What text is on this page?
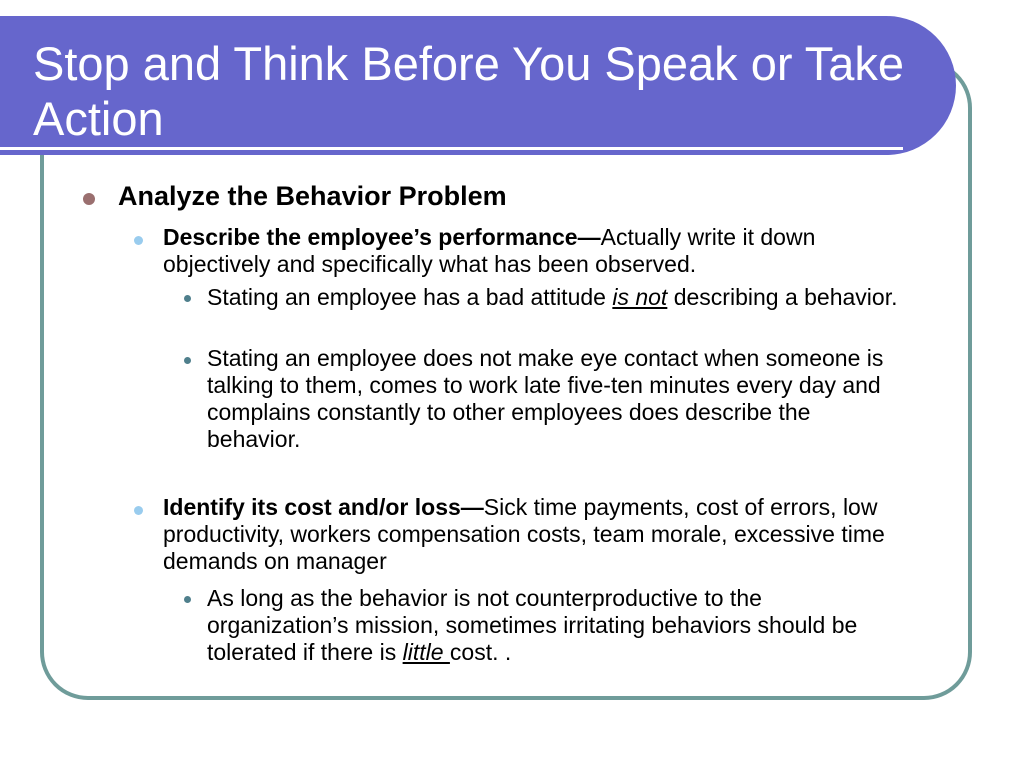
Stop and Think Before You Speak or Take Action
Analyze the Behavior Problem
Describe the employee’s performance—Actually write it down objectively and specifically what has been observed.
Stating an employee has a bad attitude is not describing a behavior.
Stating an employee does not make eye contact when someone is talking to them, comes to work late five-ten minutes every day and complains constantly to other employees does describe the behavior.
Identify its cost and/or loss—Sick time payments, cost of errors, low productivity, workers compensation costs, team morale, excessive time demands on manager
As long as the behavior is not counterproductive to the organization’s mission, sometimes irritating behaviors should be tolerated if there is little cost. .
